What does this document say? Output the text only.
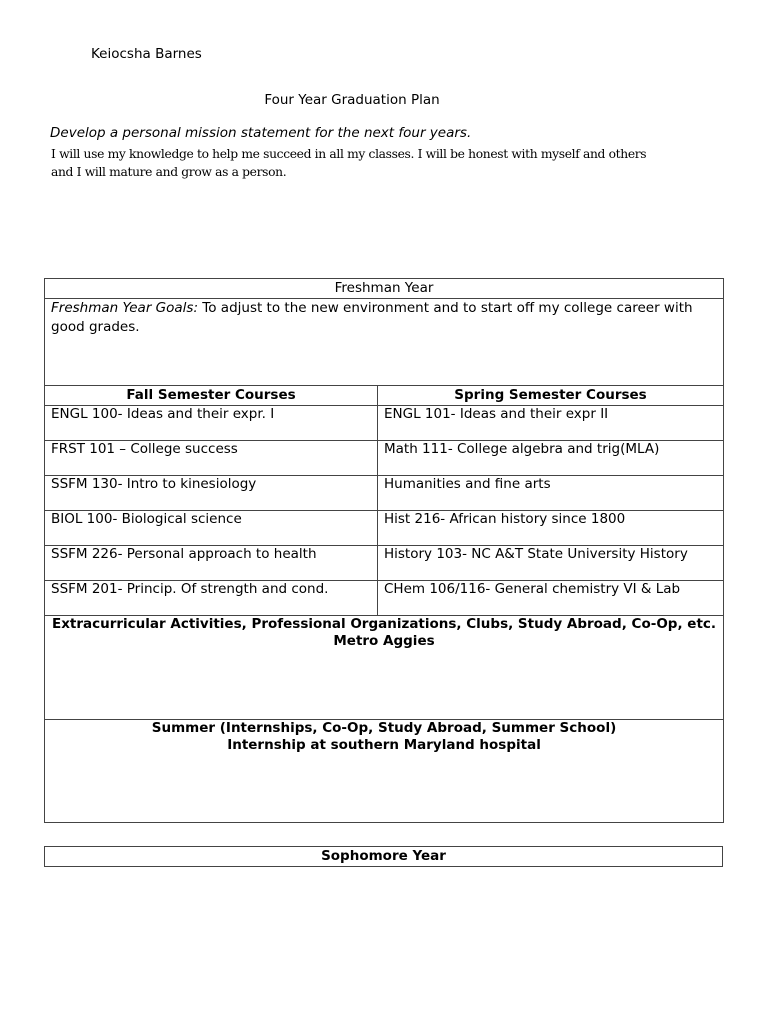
Keiocsha Barnes
Four Year Graduation Plan
Develop a personal mission statement for the next four years.
I will use my knowledge to help me succeed in all my classes. I will be honest with myself and others
and I will mature and grow as a person.
Freshman Year	
Freshman Year Goals: To adjust to the new environment and to start off my college career with good grades.	
Fall Semester Courses	Spring Semester Courses
ENGL 100- Ideas and their expr. I	ENGL 101- Ideas and their expr II
FRST 101 – College success	Math 111- College algebra and trig(MLA)
SSFM 130- Intro to kinesiology	Humanities and fine arts
BIOL 100- Biological science	Hist 216- African history since 1800
SSFM 226- Personal approach to health	History 103- NC A&T State University History
SSFM 201- Princip. Of strength and cond.	CHem 106/116- General chemistry VI & Lab

Extracurricular Activities, Professional Organizations, Clubs, Study Abroad, Co-Op, etc.
Metro Aggies	

Summer (Internships, Co-Op, Study Abroad, Summer School)
Internship at southern Maryland hospital	
Sophomore Year
